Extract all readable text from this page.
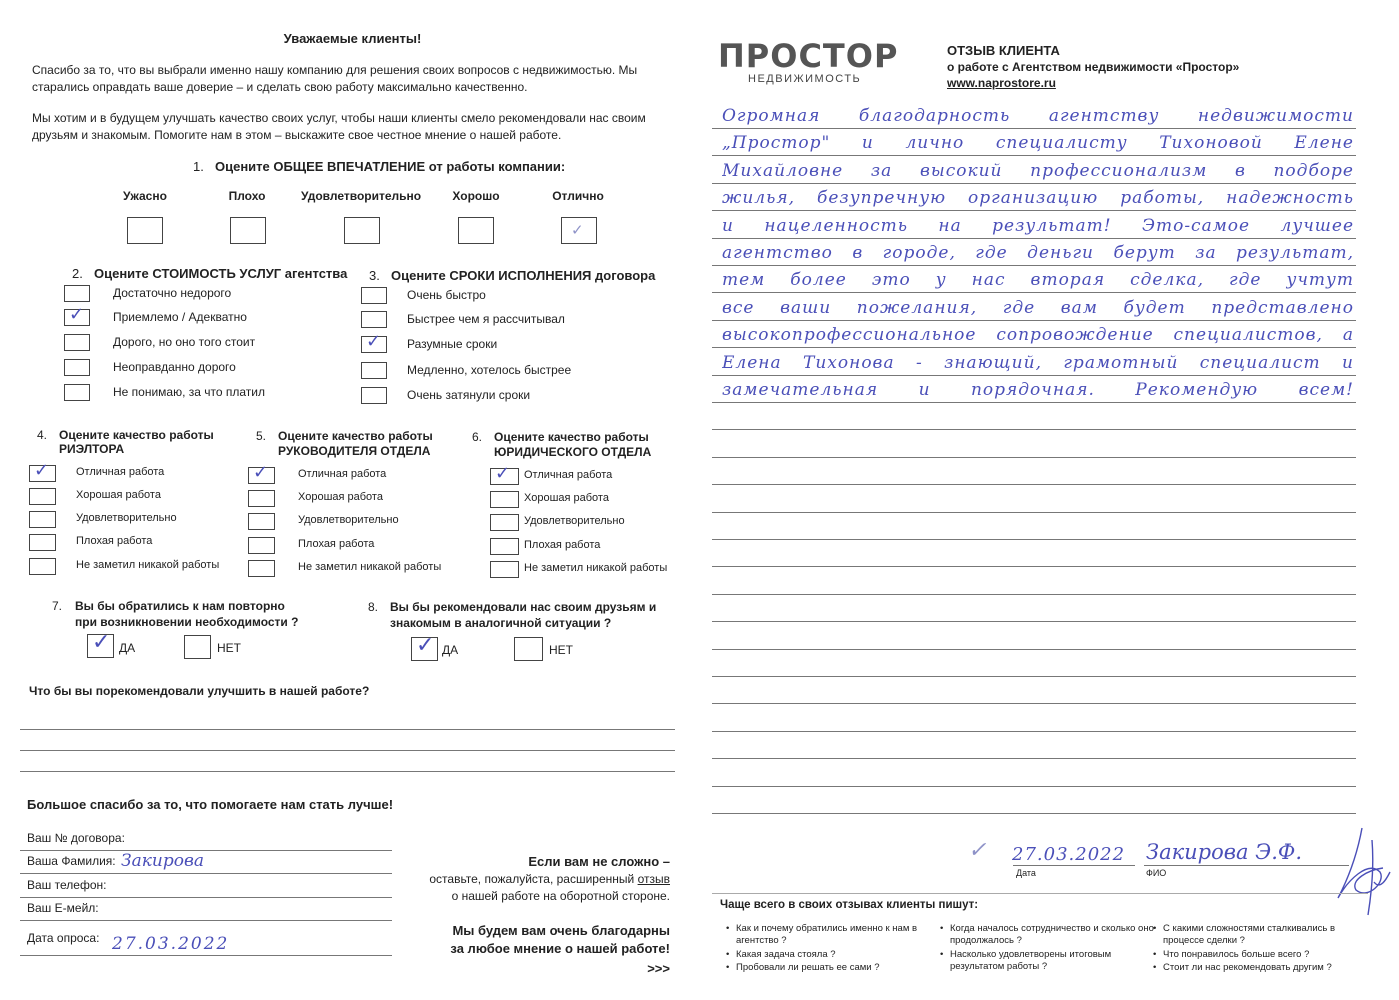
Уважаемые клиенты!
Спасибо за то, что вы выбрали именно нашу компанию для решения своих вопросов с недвижимостью. Мы старались оправдать ваше доверие – и сделать свою работу максимально качественно.
Мы хотим и в будущем улучшать качество своих услуг, чтобы наши клиенты смело рекомендовали нас своим друзьям и знакомым. Помогите нам в этом – выскажите свое честное мнение о нашей работе.
1. Оцените ОБЩЕЕ ВПЕЧАТЛЕНИЕ от работы компании:
Ужасно	Плохо	Удовлетворительно	Хорошо	Отлично
✓
2. Оцените СТОИМОСТЬ УСЛУГ агентства
Достаточно недорого
✓ Приемлемо / Адекватно
Дорого, но оно того стоит
Неоправданно дорого
Не понимаю, за что платил
3. Оцените СРОКИ ИСПОЛНЕНИЯ договора
Очень быстро
Быстрее чем я рассчитывал
✓ Разумные сроки
Медленно, хотелось быстрее
Очень затянули сроки
4. Оцените качество работы
РИЭЛТОРА
✓ Отличная работа
Хорошая работа
Удовлетворительно
Плохая работа
Не заметил никакой работы
5. Оцените качество работы
РУКОВОДИТЕЛЯ ОТДЕЛА
✓	Отличная работа
Хорошая работа
Удовлетворительно
Плохая работа
Не заметил никакой работы
6. Оцените качество работы
ЮРИДИЧЕСКОГО ОТДЕЛА
✓ Отличная работа
Хорошая работа
Удовлетворительно
Плохая работа
Не заметил никакой работы
7. Вы бы обратились к нам повторно
при возникновении необходимости ?
✓ ДА	НЕТ
8. Вы бы рекомендовали нас своим друзьям и
знакомым в аналогичной ситуации ?
✓ ДА	НЕТ
Что бы вы порекомендовали улучшить в нашей работе?
Большое спасибо за то, что помогаете нам стать лучше!
Ваш № договора:
Ваша Фамилия: Закирова
Ваш телефон:
Ваш Е-мейл:
Дата опроса: 27.03.2022
Если вам не сложно –
оставьте, пожалуйста, расширенный отзыв
о нашей работе на оборотной стороне.
Мы будем вам очень благодарны
за любое мнение о нашей работе!
>>>
ПРОСТОР
НЕДВИЖИМОСТЬ
ОТЗЫВ КЛИЕНТА
о работе с Агентством недвижимости «Простор»
www.naprostore.ru
Огромная благодарность агентству недвижимости
„Простор" и лично специалисту Тихоновой Елене
Михайловне за высокий профессионализм в подборе
жилья, безупречную организацию работы, надежность
и нацеленность на результат! Это-самое лучшее
агентство в городе, где деньги берут за результат,
тем более это у нас вторая сделка, где учтут
все ваши пожелания, где вам будет представлено
высокопрофессиональное сопровождение специалистов, а
Елена Тихонова - знающий, грамотный специалист и
замечательная и порядочная. Рекомендую всем!
✓ 27.03.2022
Дата
Закирова Э.Ф.
ФИО
Чаще всего в своих отзывах клиенты пишут:
• Как и почему обратились именно к нам в агентство ?
• Какая задача стояла ?
• Пробовали ли решать ее сами ?
• Когда началось сотрудничество и сколько оно продолжалось ?
• Насколько удовлетворены итоговым результатом работы ?
• С какими сложностями сталкивались в процессе сделки ?
• Что понравилось больше всего ?
• Стоит ли нас рекомендовать другим ?
